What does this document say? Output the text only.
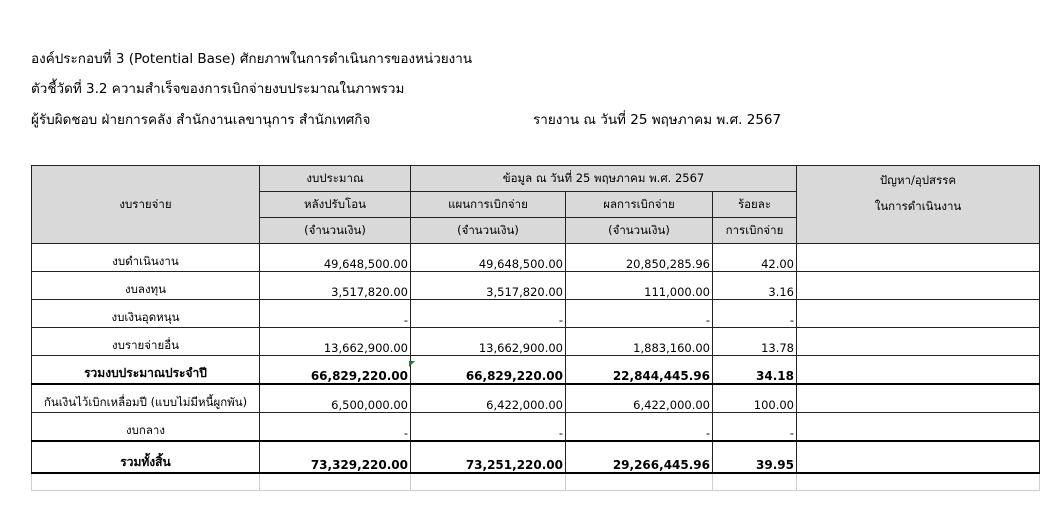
องค์ประกอบที่ 3 (Potential Base) ศักยภาพในการดำเนินการของหน่วยงาน
ตัวชี้วัดที่ 3.2 ความสำเร็จของการเบิกจ่ายงบประมาณในภาพรวม
ผู้รับผิดชอบ ฝ่ายการคลัง สำนักงานเลขานุการ สำนักเทศกิจ	รายงาน ณ วันที่ 25 พฤษภาคม พ.ศ. 2567
งบรายจ่าย	งบประมาณ	ข้อมูล ณ วันที่ 25 พฤษภาคม พ.ศ. 2567			ปัญหา/อุปสรรค
ในการดำเนินงาน

	หลังปรับโอน	แผนการเบิกจ่าย	ผลการเบิกจ่าย	ร้อยละ	
	(จำนวนเงิน)	(จำนวนเงิน)	(จำนวนเงิน)	การเบิกจ่าย	
งบดำเนินงาน	49,648,500.00	49,648,500.00	20,850,285.96	42.00	
งบลงทุน	3,517,820.00	3,517,820.00	111,000.00	3.16	
งบเงินอุดหนุน	-	-	-	-	
งบรายจ่ายอื่น	13,662,900.00	13,662,900.00	1,883,160.00	13.78	
รวมงบประมาณประจำปี	66,829,220.00	66,829,220.00	22,844,445.96	34.18	
กันเงินไว้เบิกเหลื่อมปี (แบบไม่มีหนี้ผูกพัน)	6,500,000.00	6,422,000.00	6,422,000.00	100.00	
งบกลาง	-	-	-	-	
รวมทั้งสิ้น	73,329,220.00	73,251,220.00	29,266,445.96	39.95	
